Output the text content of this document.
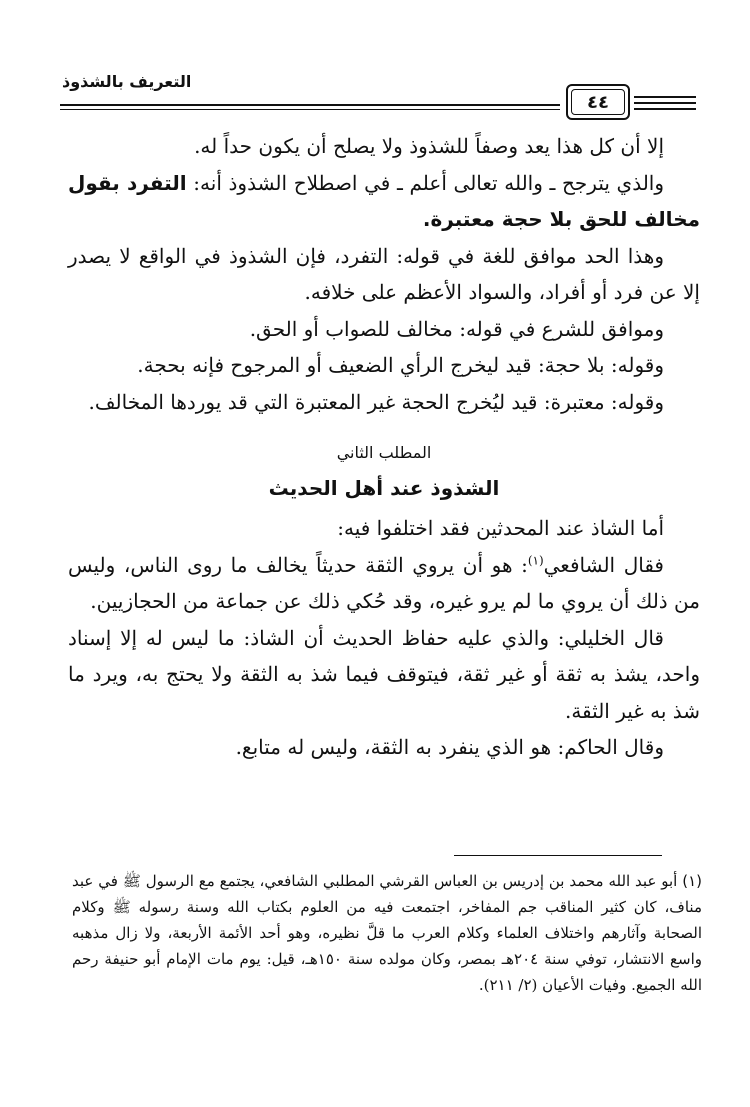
التعريف بالشذوذ
٤٤

إلا أن كل هذا يعد وصفاً للشذوذ ولا يصلح أن يكون حداً له.

والذي يترجح ـ والله تعالى أعلم ـ في اصطلاح الشذوذ أنه: التفرد بقول مخالف للحق بلا حجة معتبرة.

وهذا الحد موافق للغة في قوله: التفرد، فإن الشذوذ في الواقع لا يصدر إلا عن فرد أو أفراد، والسواد الأعظم على خلافه.

وموافق للشرع في قوله: مخالف للصواب أو الحق.

وقوله: بلا حجة: قيد ليخرج الرأي الضعيف أو المرجوح فإنه بحجة.

وقوله: معتبرة: قيد ليُخرج الحجة غير المعتبرة التي قد يوردها المخالف.

المطلب الثاني

الشذوذ عند أهل الحديث

أما الشاذ عند المحدثين فقد اختلفوا فيه:

فقال الشافعي$^{(١)}$: هو أن يروي الثقة حديثاً يخالف ما روى الناس، وليس من ذلك أن يروي ما لم يرو غيره، وقد حُكي ذلك عن جماعة من الحجازيين.

قال الخليلي: والذي عليه حفاظ الحديث أن الشاذ: ما ليس له إلا إسناد واحد، يشذ به ثقة أو غير ثقة، فيتوقف فيما شذ به الثقة ولا يحتج به، ويرد ما شذ به غير الثقة.

وقال الحاكم: هو الذي ينفرد به الثقة، وليس له متابع.

(١) أبو عبد الله محمد بن إدريس بن العباس القرشي المطلبي الشافعي، يجتمع مع الرسول ﷺ في عبد مناف، كان كثير المناقب جم المفاخر، اجتمعت فيه من العلوم بكتاب الله وسنة رسوله ﷺ وكلام الصحابة وآثارهم واختلاف العلماء وكلام العرب ما قلَّ نظيره، وهو أحد الأئمة الأربعة، ولا زال مذهبه واسع الانتشار، توفي سنة ٢٠٤هـ بمصر، وكان مولده سنة ١٥٠هـ، قيل: يوم مات الإمام أبو حنيفة رحم الله الجميع. وفيات الأعيان (٢/ ٢١١).
